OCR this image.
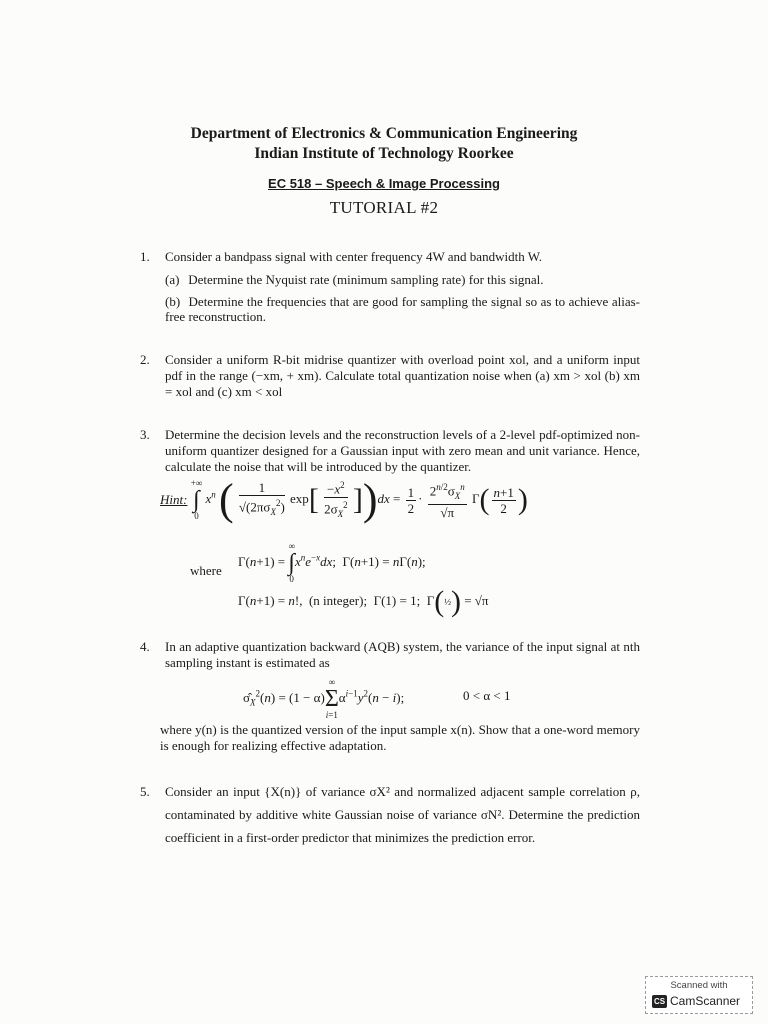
Department of Electronics & Communication Engineering
Indian Institute of Technology Roorkee
EC 518 – Speech & Image Processing
TUTORIAL #2
1.	Consider a bandpass signal with center frequency 4W and bandwidth W.
(a) Determine the Nyquist rate (minimum sampling rate) for this signal.
(b) Determine the frequencies that are good for sampling the signal so as to achieve alias-free reconstruction.
2.	Consider a uniform R-bit midrise quantizer with overload point xol, and a uniform input pdf in the range (−xm, + xm). Calculate total quantization noise when (a) xm > xol (b) xm = xol and (c) xm < xol
3.	Determine the decision levels and the reconstruction levels of a 2-level pdf-optimized non-uniform quantizer designed for a Gaussian input with zero mean and unit variance. Hence, calculate the noise that will be introduced by the quantizer.
Hint:
+∞
∫
0
$x^n$ ( $\frac{1}{√(2\pi\sigma_X^2)} \exp[ \frac{-x^2}{2\sigma_X^2} ])dx = \frac{1}{2} \cdot \frac{2^{n/2}\sigma_X^n}{√\pi} \Gamma( \frac{n+1}{2}$ )
Γ(n+1) =
∞
∫
0
$x^ne^{-x}dx$;  Γ(n+1) = nΓ(n);
where
Γ(n+1) = n!,  (n integer);  Γ(1) = 1;  Γ(½) = √π
4.	In an adaptive quantization backward (AQB) system, the variance of the input signal at nth sampling instant is estimated as
$\sigmâ_X^2(n) = (1 - \alpha)$
∞
Σ
i=1
$\alpha^{i-1}y^2(n - i)$;	0 < α < 1
where y(n) is the quantized version of the input sample x(n). Show that a one-word memory is enough for realizing effective adaptation.
5.	Consider an input {X(n)} of variance σX² and normalized adjacent sample correlation ρ, contaminated by additive white Gaussian noise of variance σN². Determine the prediction coefficient in a first-order predictor that minimizes the prediction error.
Scanned with
CS CamScanner
